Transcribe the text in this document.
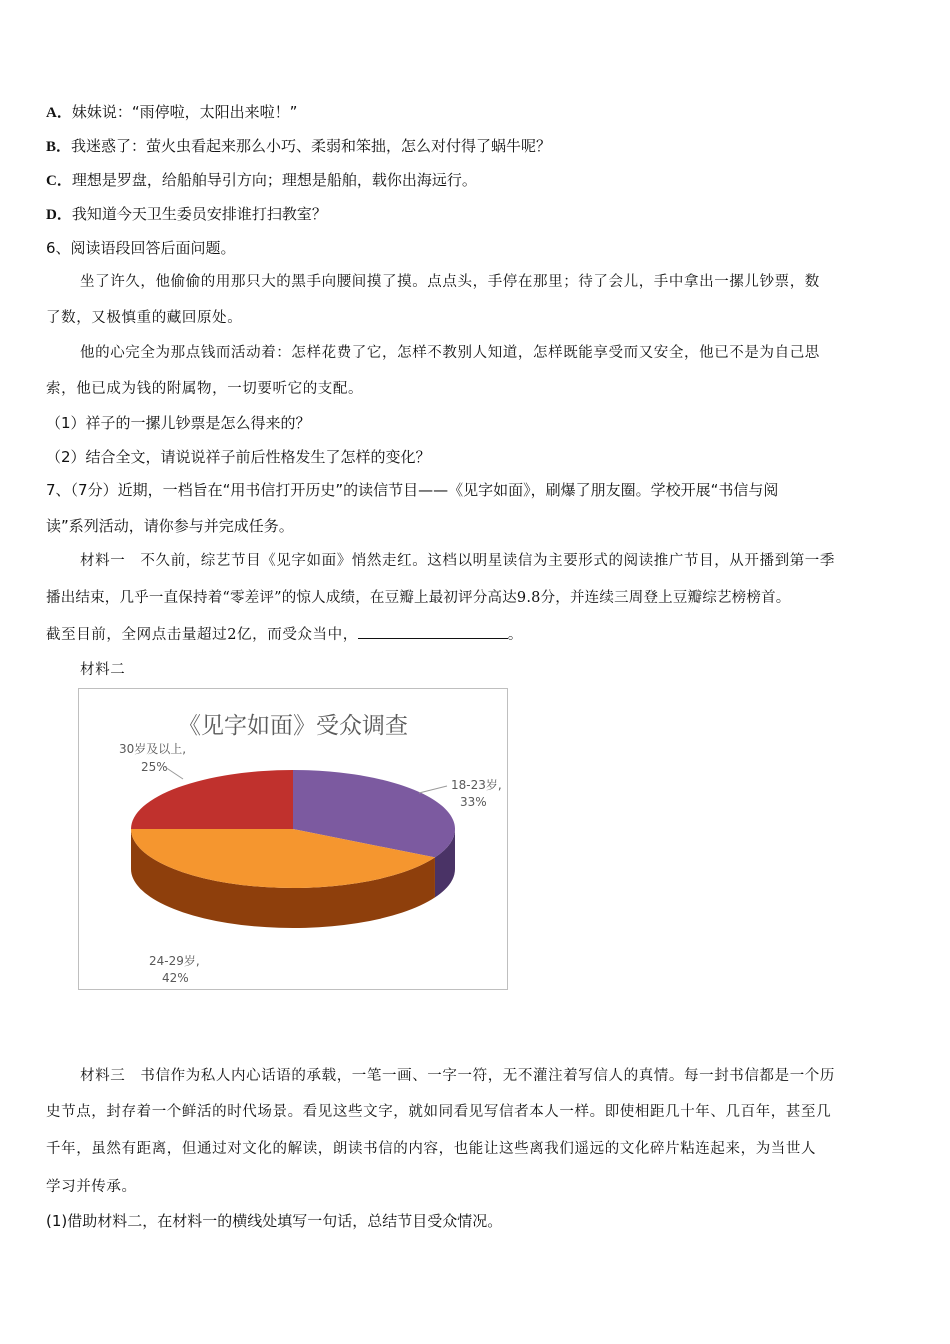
A．妹妹说：“雨停啦，太阳出来啦！”
B．我迷惑了：萤火虫看起来那么小巧、柔弱和笨拙，怎么对付得了蜗牛呢？
C．理想是罗盘，给船舶导引方向；理想是船舶，载你出海远行。
D．我知道今天卫生委员安排谁打扫教室？
6、阅读语段回答后面问题。
坐了许久，他偷偷的用那只大的黑手向腰间摸了摸。点点头，手停在那里；待了会儿，手中拿出一摞儿钞票，数
了数，又极慎重的藏回原处。
他的心完全为那点钱而活动着：怎样花费了它，怎样不教别人知道，怎样既能享受而又安全，他已不是为自己思
索，他已成为钱的附属物，一切要听它的支配。
（1）祥子的一摞儿钞票是怎么得来的？
（2）结合全文，请说说祥子前后性格发生了怎样的变化？
7、（7分）近期，一档旨在“用书信打开历史”的读信节目——《见字如面》，刷爆了朋友圈。学校开展“书信与阅
读”系列活动，请你参与并完成任务。
材料一　不久前，综艺节目《见字如面》悄然走红。这档以明星读信为主要形式的阅读推广节目，从开播到第一季
播出结束，几乎一直保持着“零差评”的惊人成绩，在豆瓣上最初评分高达9.8分，并连续三周登上豆瓣综艺榜榜首。
截至目前，全网点击量超过2亿，而受众当中，	。
材料二
《见字如面》受众调查
18-23岁,
33%
30岁及以上,
25%
24-29岁,
42%
材料三　书信作为私人内心话语的承载，一笔一画、一字一符，无不灌注着写信人的真情。每一封书信都是一个历
史节点，封存着一个鲜活的时代场景。看见这些文字，就如同看见写信者本人一样。即使相距几十年、几百年，甚至几
千年，虽然有距离，但通过对文化的解读，朗读书信的内容，也能让这些离我们遥远的文化碎片粘连起来，为当世人
学习并传承。
(1)借助材料二，在材料一的横线处填写一句话，总结节目受众情况。
